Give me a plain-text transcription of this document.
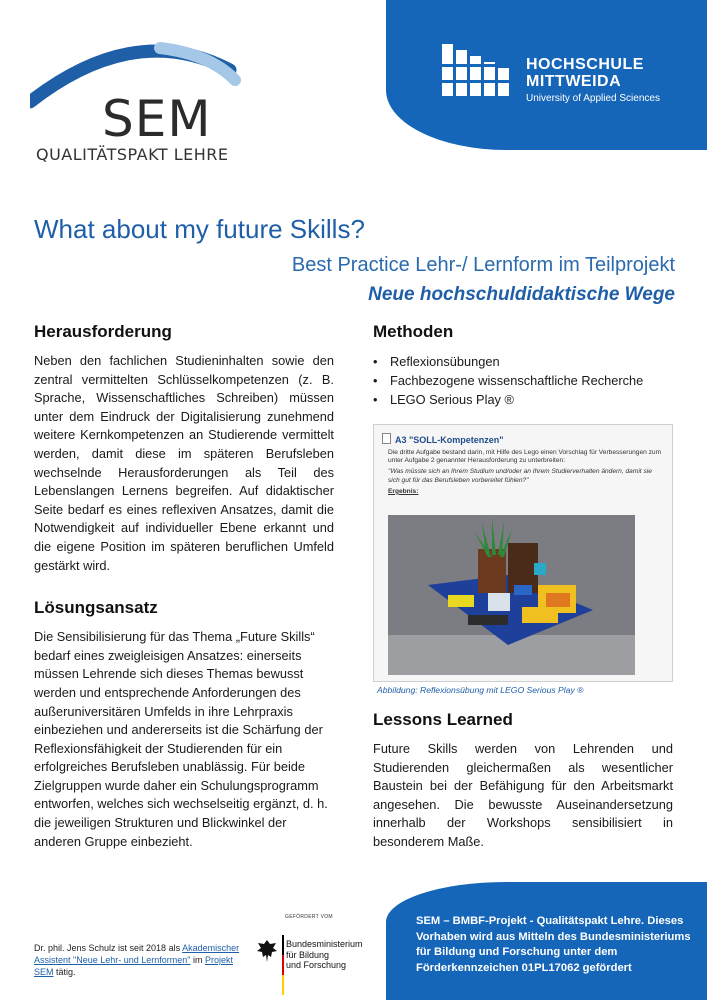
SEM
QUALITÄTSPAKT LEHRE
HOCHSCHULE
MITTWEIDA
University of Applied Sciences
What about my future Skills?
Best Practice Lehr-/ Lernform im Teilprojekt
Neue hochschuldidaktische Wege
Herausforderung

Neben den fachlichen Studieninhalten sowie den zentral vermittelten Schlüsselkompetenzen (z. B. Sprache, Wissenschaftliches Schreiben) müssen unter dem Eindruck der Digitalisierung zunehmend weitere Kernkompetenzen an Studierende vermittelt werden, damit diese im späteren Berufsleben wechselnde Herausforderungen als Teil des Lebenslangen Lernens begreifen. Auf didaktischer Seite bedarf es eines reflexiven Ansatzes, damit die Notwendigkeit auf individueller Ebene erkannt und die eigene Position im späteren beruflichen Umfeld gestärkt wird.

Lösungsansatz

Die Sensibilisierung für das Thema „Future Skills“ bedarf eines zweigleisigen Ansatzes: einerseits müssen Lehrende sich dieses Themas bewusst werden und entsprechende Anforderungen des außeruniversitären Umfelds in ihre Lehrpraxis einbeziehen und andererseits ist die Schärfung der Reflexionsfähigkeit der Studierenden für ein erfolgreiches Berufsleben unablässig. Für beide Zielgruppen wurde daher ein Schulungsprogramm entworfen, welches sich wechselseitig ergänzt, d. h. die jeweiligen Strukturen und Blickwinkel der anderen Gruppe einbezieht.

Methoden
• Reflexionsübungen
• Fachbezogene wissenschaftliche Recherche
• LEGO Serious Play ®
A3 "SOLL-Kompetenzen"

Die dritte Aufgabe bestand darin, mit Hilfe des Lego einen Vorschlag für Verbesserungen zum unter Aufgabe 2 genannter Herausforderung zu unterbreiten:

"Was müsste sich an Ihrem Studium und/oder an Ihrem Studierverhalten ändern, damit sie sich gut für das Berufsleben vorbereitet fühlen?"

Ergebnis:

Abbildung: Reflexionsübung mit LEGO Serious Play ®
Lessons Learned

Future Skills werden von Lehrenden und Studierenden gleichermaßen als wesentlicher Baustein bei der Befähigung für den Arbeitsmarkt angesehen. Die bewusste Auseinandersetzung innerhalb der Workshops sensibilisiert in besonderem Maße.

Dr. phil. Jens Schulz ist seit 2018 als Akademischer Assistent "Neue Lehr- und Lernformen" im Projekt SEM tätig.
GEFÖRDERT VOM
Bundesministerium
für Bildung
und Forschung
SEM – BMBF-Projekt - Qualitätspakt Lehre. Dieses Vorhaben wird aus Mitteln des Bundesministeriums für Bildung und Forschung unter dem Förderkennzeichen 01PL17062 gefördert
